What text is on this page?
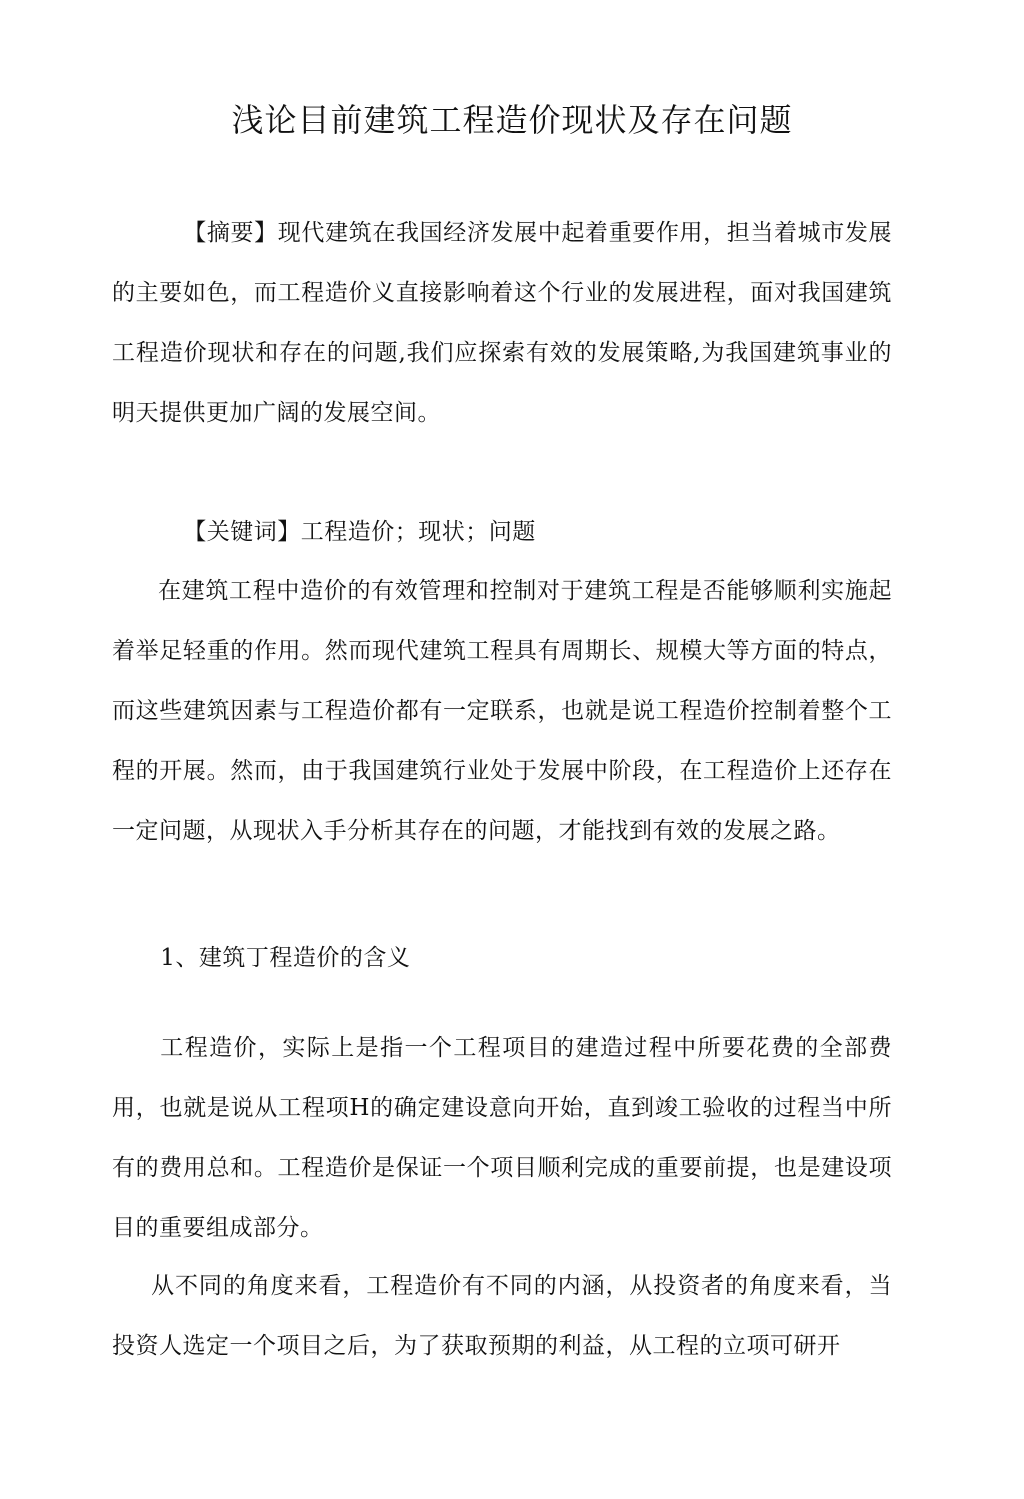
浅论目前建筑工程造价现状及存在问题

【摘要】现代建筑在我国经济发展中起着重要作用，担当着城市发展的主要如色，而工程造价义直接影响着这个行业的发展进程，面对我国建筑工程造价现状和存在的问题,我们应探索有效的发展策略,为我国建筑事业的明天提供更加广阔的发展空间。

【关键词】工程造价；现状；问题

在建筑工程中造价的有效管理和控制对于建筑工程是否能够顺利实施起着举足轻重的作用。然而现代建筑工程具有周期长、规模大等方面的特点，而这些建筑因素与工程造价都有一定联系，也就是说工程造价控制着整个工程的开展。然而，由于我国建筑行业处于发展中阶段，在工程造价上还存在一定问题，从现状入手分析其存在的问题，才能找到有效的发展之路。

1、建筑丁程造价的含义

工程造价，实际上是指一个工程项目的建造过程中所要花费的全部费用，也就是说从工程项H的确定建设意向开始，直到竣工验收的过程当中所有的费用总和。工程造价是保证一个项目顺利完成的重要前提，也是建设项目的重要组成部分。

从不同的角度来看，工程造价有不同的内涵，从投资者的角度来看，当投资人选定一个项目之后，为了获取预期的利益，从工程的立项可研开
